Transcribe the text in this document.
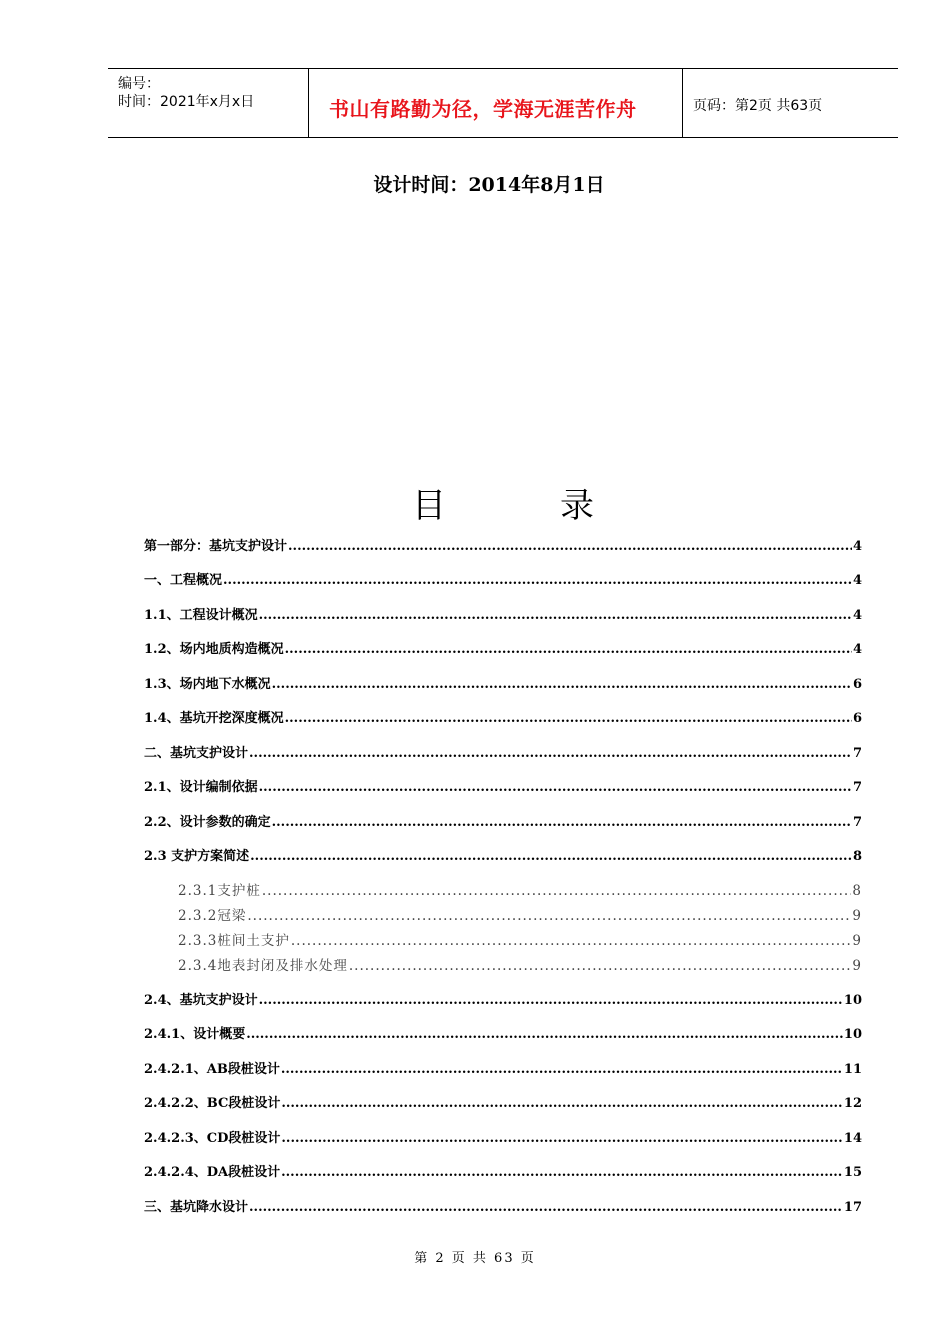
编号：
时间：2021年x月x日	书山有路勤为径，学海无涯苦作舟	页码：第2页 共63页
设计时间：2014年8月1日
目	录
第一部分：基坑支护设计 .....	4
一、工程概况 .....	4
1.1、工程设计概况 .....	4
1.2、场内地质构造概况 .....	4
1.3、场内地下水概况 .....	6
1.4、基坑开挖深度概况 .....	6
二、基坑支护设计 .....	7
2.1、设计编制依据 .....	7
2.2、设计参数的确定 .....	7
2.3 支护方案简述 .....	8
2.3.1支护桩 .....	8
2.3.2冠梁 .....	9
2.3.3桩间土支护 .....	9
2.3.4地表封闭及排水处理 .....	9
2.4、基坑支护设计 .....	10
2.4.1、设计概要 .....	10
2.4.2.1、AB段桩设计 .....	11
2.4.2.2、BC段桩设计 .....	12
2.4.2.3、CD段桩设计 .....	14
2.4.2.4、DA段桩设计 .....	15
三、基坑降水设计 .....	17
第 2 页 共 63 页
